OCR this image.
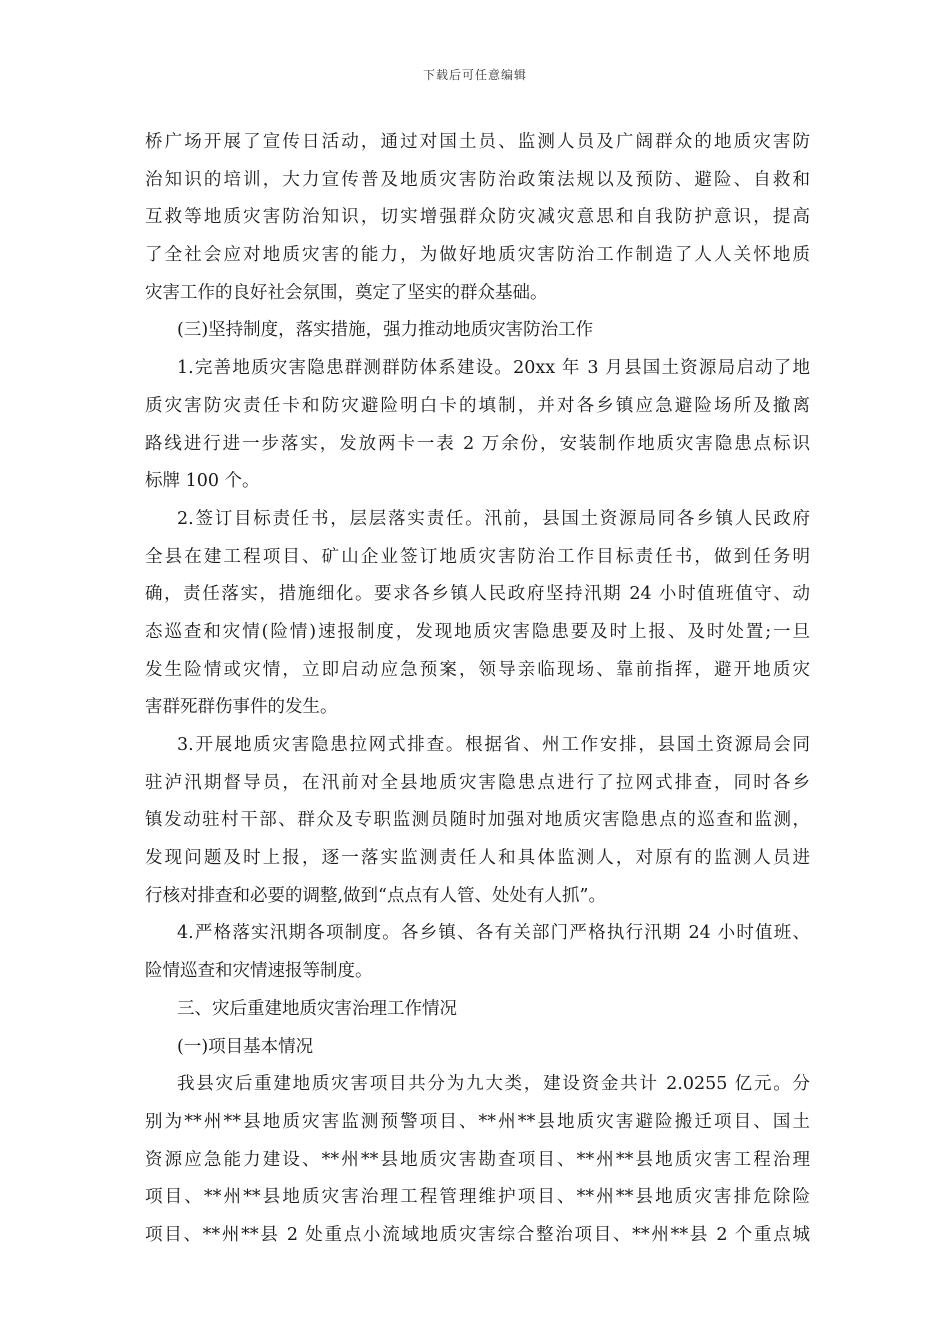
下载后可任意编辑
桥广场开展了宣传日活动，通过对国土员、监测人员及广阔群众的地质灾害防
治知识的培训，大力宣传普及地质灾害防治政策法规以及预防、避险、自救和
互救等地质灾害防治知识，切实增强群众防灾减灾意思和自我防护意识，提高
了全社会应对地质灾害的能力，为做好地质灾害防治工作制造了人人关怀地质
灾害工作的良好社会氛围，奠定了坚实的群众基础。
(三)坚持制度，落实措施，强力推动地质灾害防治工作
1.完善地质灾害隐患群测群防体系建设。20xx 年 3 月县国土资源局启动了地
质灾害防灾责任卡和防灾避险明白卡的填制，并对各乡镇应急避险场所及撤离
路线进行进一步落实，发放两卡一表 2 万余份，安装制作地质灾害隐患点标识
标牌 100 个。
2.签订目标责任书，层层落实责任。汛前，县国土资源局同各乡镇人民政府
全县在建工程项目、矿山企业签订地质灾害防治工作目标责任书，做到任务明
确，责任落实，措施细化。要求各乡镇人民政府坚持汛期 24 小时值班值守、动
态巡查和灾情(险情)速报制度，发现地质灾害隐患要及时上报、及时处置;一旦
发生险情或灾情，立即启动应急预案，领导亲临现场、靠前指挥，避开地质灾
害群死群伤事件的发生。
3.开展地质灾害隐患拉网式排查。根据省、州工作安排，县国土资源局会同
驻泸汛期督导员，在汛前对全县地质灾害隐患点进行了拉网式排查，同时各乡
镇发动驻村干部、群众及专职监测员随时加强对地质灾害隐患点的巡查和监测，
发现问题及时上报，逐一落实监测责任人和具体监测人，对原有的监测人员进
行核对排查和必要的调整,做到“点点有人管、处处有人抓”。
4.严格落实汛期各项制度。各乡镇、各有关部门严格执行汛期 24 小时值班、
险情巡查和灾情速报等制度。
三、灾后重建地质灾害治理工作情况
(一)项目基本情况
我县灾后重建地质灾害项目共分为九大类，建设资金共计 2.0255 亿元。分
别为**州**县地质灾害监测预警项目、**州**县地质灾害避险搬迁项目、国土
资源应急能力建设、**州**县地质灾害勘查项目、**州**县地质灾害工程治理
项目、**州**县地质灾害治理工程管理维护项目、**州**县地质灾害排危除险
项目、**州**县 2 处重点小流域地质灾害综合整治项目、**州**县 2 个重点城
